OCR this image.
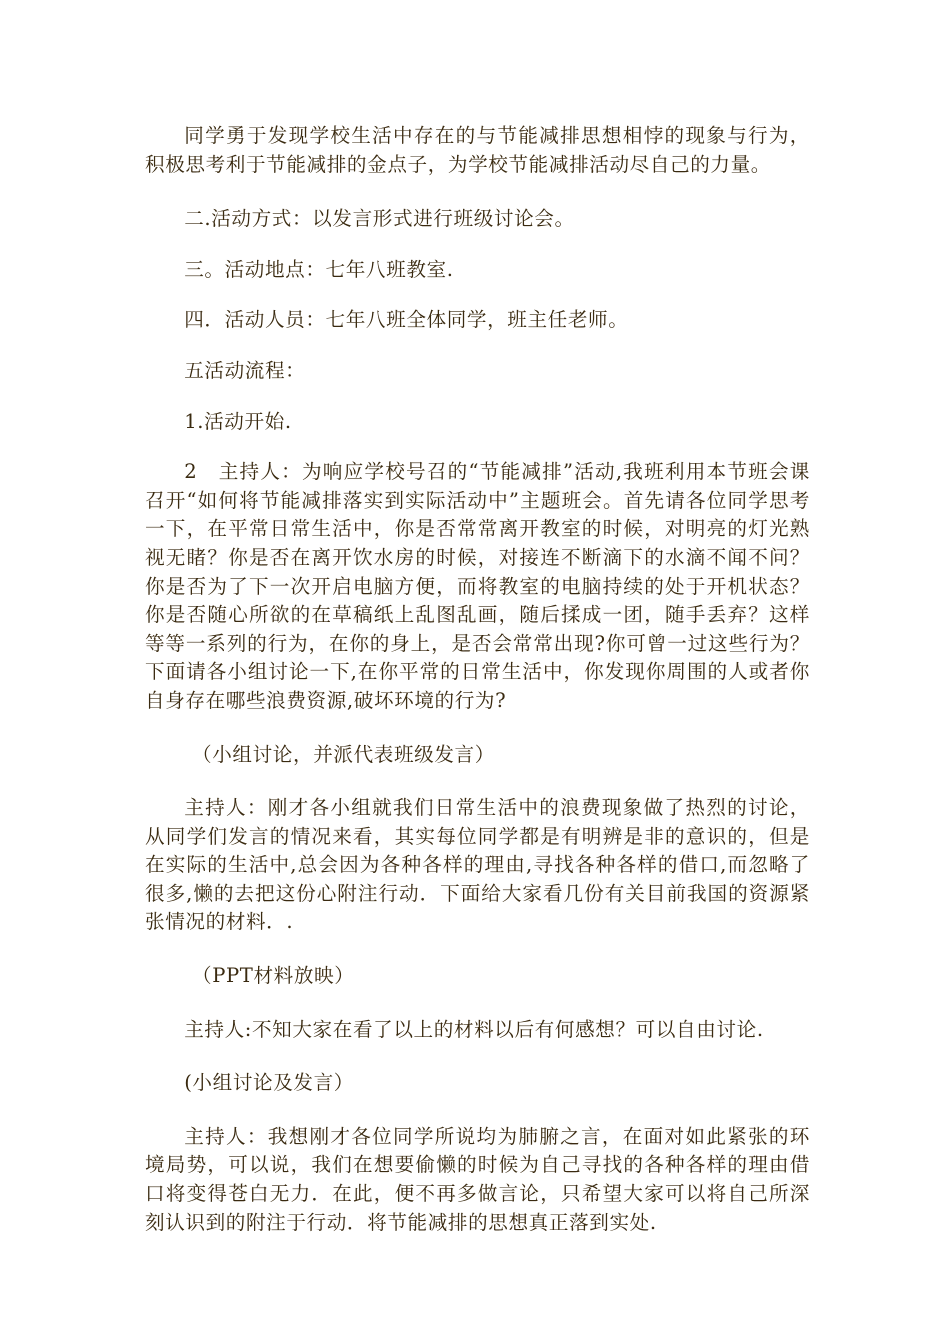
同学勇于发现学校生活中存在的与节能减排思想相悖的现象与行为，积极思考利于节能减排的金点子，为学校节能减排活动尽自己的力量。

二.活动方式：以发言形式进行班级讨论会。

三。活动地点：七年八班教室.

四．活动人员：七年八班全体同学，班主任老师。

五活动流程：

1.活动开始.

2　主持人：为响应学校号召的“节能减排”活动,我班利用本节班会课召开“如何将节能减排落实到实际活动中”主题班会。首先请各位同学思考一下，在平常日常生活中，你是否常常离开教室的时候，对明亮的灯光熟视无睹？你是否在离开饮水房的时候，对接连不断滴下的水滴不闻不问？你是否为了下一次开启电脑方便，而将教室的电脑持续的处于开机状态？你是否随心所欲的在草稿纸上乱图乱画，随后揉成一团，随手丢弃？这样等等一系列的行为，在你的身上，是否会常常出现?你可曾一过这些行为？下面请各小组讨论一下,在你平常的日常生活中，你发现你周围的人或者你自身存在哪些浪费资源,破坏环境的行为?

（小组讨论，并派代表班级发言）

主持人：刚才各小组就我们日常生活中的浪费现象做了热烈的讨论，从同学们发言的情况来看，其实每位同学都是有明辨是非的意识的，但是在实际的生活中,总会因为各种各样的理由,寻找各种各样的借口,而忽略了很多,懒的去把这份心附注行动．下面给大家看几份有关目前我国的资源紧张情况的材料．.

（PPT材料放映）

主持人:不知大家在看了以上的材料以后有何感想？可以自由讨论.

(小组讨论及发言）

主持人：我想刚才各位同学所说均为肺腑之言，在面对如此紧张的环境局势，可以说，我们在想要偷懒的时候为自己寻找的各种各样的理由借口将变得苍白无力．在此，便不再多做言论，只希望大家可以将自己所深刻认识到的附注于行动．将节能减排的思想真正落到实处.
